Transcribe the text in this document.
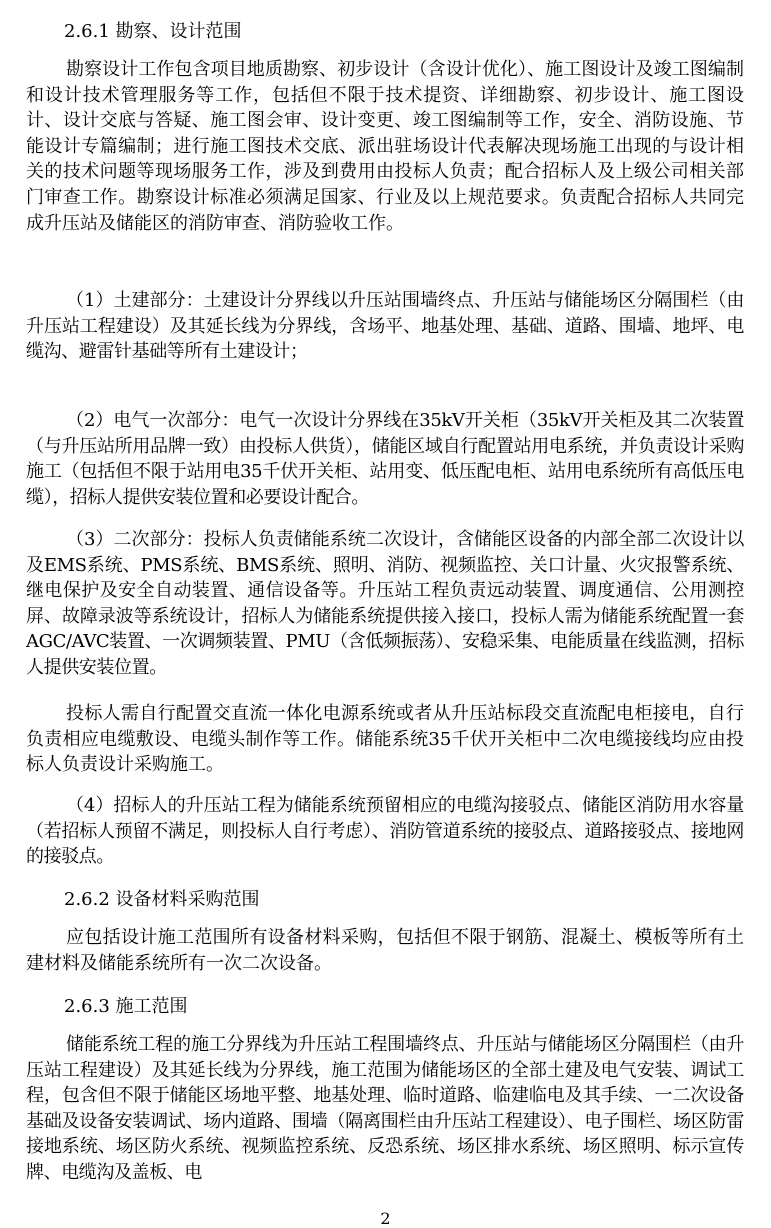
2.6.1 勘察、设计范围

勘察设计工作包含项目地质勘察、初步设计（含设计优化）、施工图设计及竣工图编制和设计技术管理服务等工作，包括但不限于技术提资、详细勘察、初步设计、施工图设计、设计交底与答疑、施工图会审、设计变更、竣工图编制等工作，安全、消防设施、节能设计专篇编制；进行施工图技术交底、派出驻场设计代表解决现场施工出现的与设计相关的技术问题等现场服务工作，涉及到费用由投标人负责；配合招标人及上级公司相关部门审查工作。勘察设计标准必须满足国家、行业及以上规范要求。负责配合招标人共同完成升压站及储能区的消防审查、消防验收工作。

（1）土建部分：土建设计分界线以升压站围墙终点、升压站与储能场区分隔围栏（由升压站工程建设）及其延长线为分界线，含场平、地基处理、基础、道路、围墙、地坪、电缆沟、避雷针基础等所有土建设计；

（2）电气一次部分：电气一次设计分界线在35kV开关柜（35kV开关柜及其二次装置（与升压站所用品牌一致）由投标人供货），储能区域自行配置站用电系统，并负责设计采购施工（包括但不限于站用电35千伏开关柜、站用变、低压配电柜、站用电系统所有高低压电缆），招标人提供安装位置和必要设计配合。

（3）二次部分：投标人负责储能系统二次设计，含储能区设备的内部全部二次设计以及EMS系统、PMS系统、BMS系统、照明、消防、视频监控、关口计量、火灾报警系统、继电保护及安全自动装置、通信设备等。升压站工程负责远动装置、调度通信、公用测控屏、故障录波等系统设计，招标人为储能系统提供接入接口，投标人需为储能系统配置一套AGC/AVC装置、一次调频装置、PMU（含低频振荡）、安稳采集、电能质量在线监测，招标人提供安装位置。

投标人需自行配置交直流一体化电源系统或者从升压站标段交直流配电柜接电，自行负责相应电缆敷设、电缆头制作等工作。储能系统35千伏开关柜中二次电缆接线均应由投标人负责设计采购施工。

（4）招标人的升压站工程为储能系统预留相应的电缆沟接驳点、储能区消防用水容量（若招标人预留不满足，则投标人自行考虑）、消防管道系统的接驳点、道路接驳点、接地网的接驳点。

2.6.2 设备材料采购范围

应包括设计施工范围所有设备材料采购，包括但不限于钢筋、混凝土、模板等所有土建材料及储能系统所有一次二次设备。

2.6.3 施工范围

储能系统工程的施工分界线为升压站工程围墙终点、升压站与储能场区分隔围栏（由升压站工程建设）及其延长线为分界线，施工范围为储能场区的全部土建及电气安装、调试工程，包含但不限于储能区场地平整、地基处理、临时道路、临建临电及其手续、一二次设备基础及设备安装调试、场内道路、围墙（隔离围栏由升压站工程建设）、电子围栏、场区防雷接地系统、场区防火系统、视频监控系统、反恐系统、场区排水系统、场区照明、标示宣传牌、电缆沟及盖板、电

2
